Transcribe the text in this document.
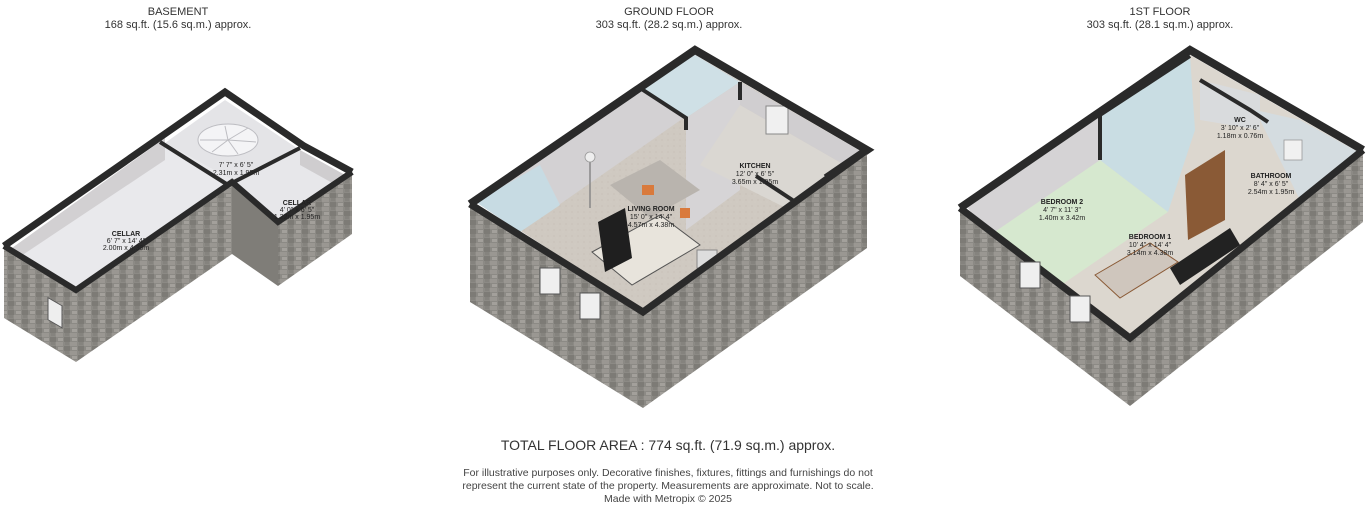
BASEMENT
168 sq.ft. (15.6 sq.m.) approx.
GROUND FLOOR
303 sq.ft. (28.2 sq.m.) approx.
1ST FLOOR
303 sq.ft. (28.1 sq.m.) approx.
CELLAR
6' 7" x 14' 4"
2.00m x 4.38m
7' 7" x 6' 5"
2.31m x 1.95m
CELLAR
4' 0" x 6' 5"
1.22m x 1.95m
KITCHEN
12' 0" x 6' 5"
3.65m x 1.95m
LIVING ROOM
15' 0" x 14' 4"
4.57m x 4.38m
WC
3' 10" x 2' 6"
1.18m x 0.76m
BATHROOM
8' 4" x 6' 5"
2.54m x 1.95m
BEDROOM 2
4' 7" x 11' 3"
1.40m x 3.42m
BEDROOM 1
10' 4" x 14' 4"
3.14m x 4.38m
TOTAL FLOOR AREA : 774 sq.ft. (71.9 sq.m.) approx.
For illustrative purposes only. Decorative finishes, fixtures, fittings and furnishings do not
represent the current state of the property. Measurements are approximate. Not to scale.
Made with Metropix © 2025
